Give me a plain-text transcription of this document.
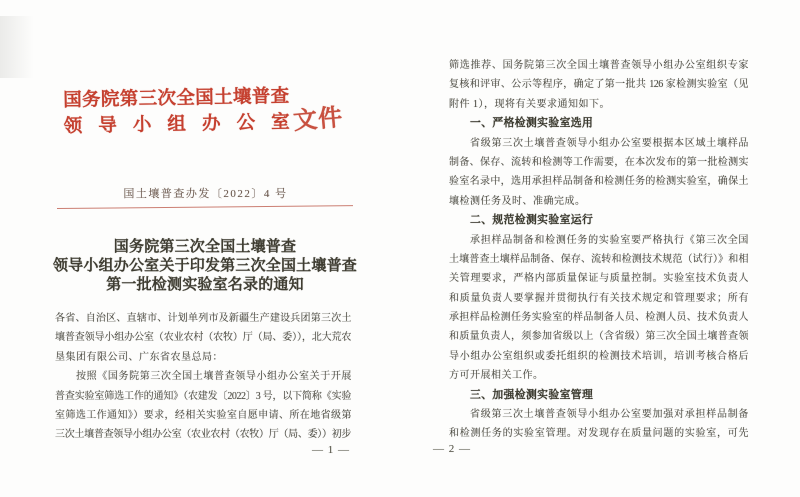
国务院第三次全国土壤普查
领导小组办公室 文件
国土壤普查办发〔2022〕4 号
国务院第三次全国土壤普查
领导小组办公室关于印发第三次全国土壤普查
第一批检测实验室名录的通知
各省、自治区、直辖市、计划单列市及新疆生产建设兵团第三次土
壤普查领导小组办公室（农业农村（农牧）厅（局、委）），北大荒农
垦集团有限公司、广东省农垦总局：
按照《国务院第三次全国土壤普查领导小组办公室关于开展
普查实验室筛选工作的通知》（农建发〔2022〕3 号，以下简称《实验
室筛选工作通知》）要求，经相关实验室自愿申请、所在地省级第
三次土壤普查领导小组办公室（农业农村（农牧）厅（局、委））初步
— 1 —
筛选推荐、国务院第三次全国土壤普查领导小组办公室组织专家
复核和评审、公示等程序，确定了第一批共 126 家检测实验室（见
附件 1），现将有关要求通知如下。
一、严格检测实验室选用
省级第三次土壤普查领导小组办公室要根据本区域土壤样品
制备、保存、流转和检测等工作需要，在本次发布的第一批检测实
验室名录中，选用承担样品制备和检测任务的检测实验室，确保土
壤检测任务及时、准确完成。
二、规范检测实验室运行
承担样品制备和检测任务的实验室要严格执行《第三次全国
土壤普查土壤样品制备、保存、流转和检测技术规范（试行）》和相
关管理要求，严格内部质量保证与质量控制。实验室技术负责人
和质量负责人要掌握并贯彻执行有关技术规定和管理要求；所有
承担样品检测任务实验室的样品制备人员、检测人员、技术负责人
和质量负责人，须参加省级以上（含省级）第三次全国土壤普查领
导小组办公室组织或委托组织的检测技术培训，培训考核合格后
方可开展相关工作。
三、加强检测实验室管理
省级第三次土壤普查领导小组办公室要加强对承担样品制备
和检测任务的实验室管理。对发现存在质量问题的实验室，可先
— 2 —
